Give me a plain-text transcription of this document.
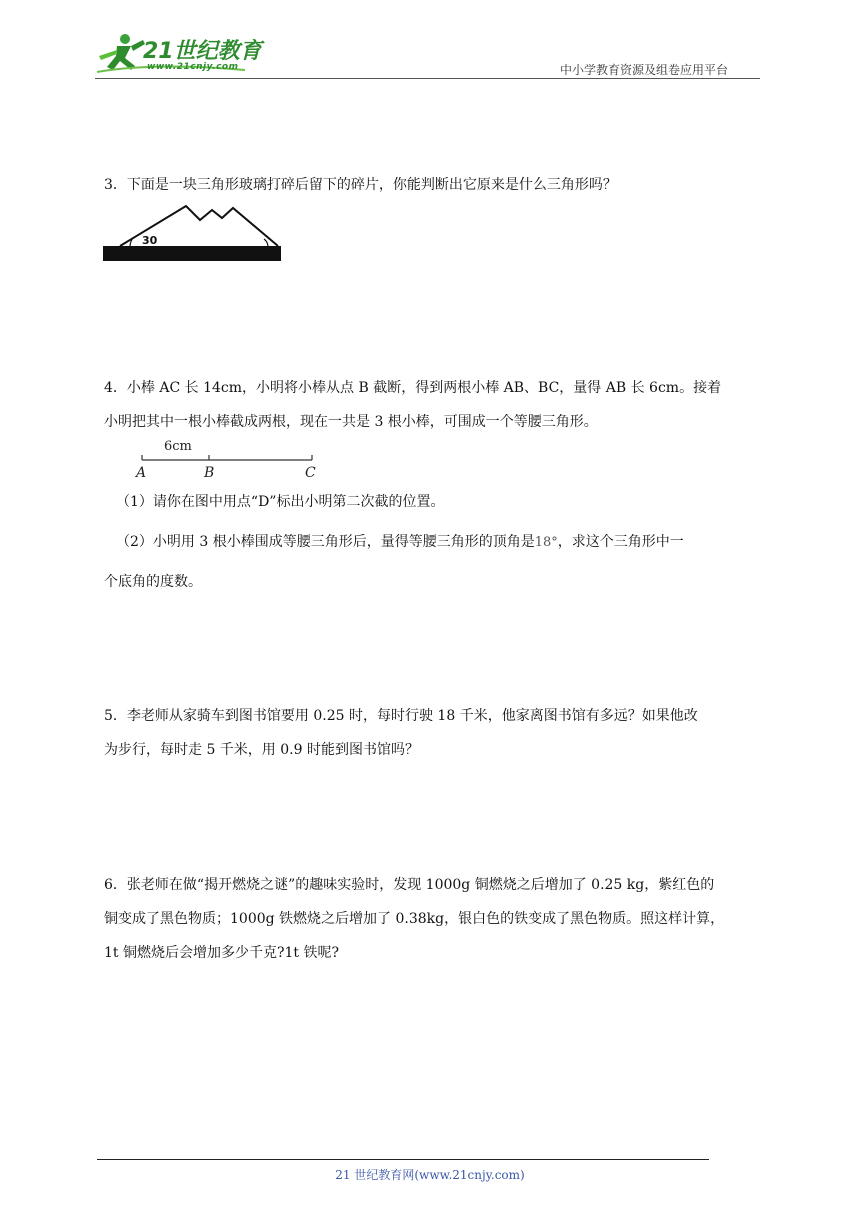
21世纪教育
www.21cnjy.com	中小学教育资源及组卷应用平台
3．下面是一块三角形玻璃打碎后留下的碎片，你能判断出它原来是什么三角形吗？
30
4．小棒 AC 长 14cm，小明将小棒从点 B 截断，得到两根小棒 AB、BC，量得 AB 长 6cm。接着
小明把其中一根小棒截成两根，现在一共是 3 根小棒，可围成一个等腰三角形。
6cm
A	B	C
（1）请你在图中用点“D”标出小明第二次截的位置。
（2）小明用 3 根小棒围成等腰三角形后，量得等腰三角形的顶角是18°，求这个三角形中一
个底角的度数。
5．李老师从家骑车到图书馆要用 0.25 时，每时行驶 18 千米，他家离图书馆有多远？如果他改
为步行，每时走 5 千米，用 0.9 时能到图书馆吗？
6．张老师在做“揭开燃烧之谜”的趣味实验时，发现 1000g 铜燃烧之后增加了 0.25 kg，紫红色的
铜变成了黑色物质；1000g 铁燃烧之后增加了 0.38kg，银白色的铁变成了黑色物质。照这样计算，
1t 铜燃烧后会增加多少千克?1t 铁呢?
21 世纪教育网(www.21cnjy.com)
